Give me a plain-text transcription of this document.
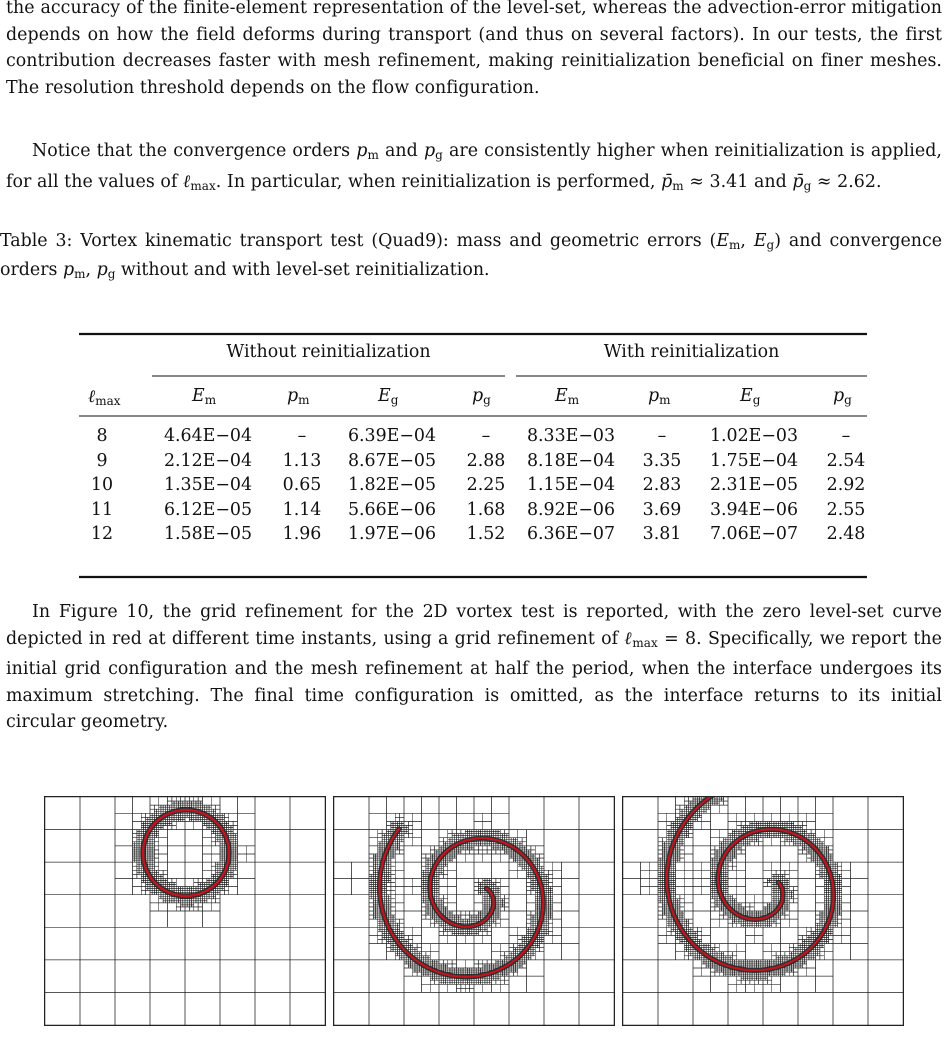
the accuracy of the finite-element representation of the level-set, whereas the advection-error mitigation depends on how the field deforms during transport (and thus on several factors). In our tests, the first contribution decreases faster with mesh refinement, making reinitialization beneficial on finer meshes. The resolution threshold depends on the flow configuration.

Notice that the convergence orders $p_m$ and $p_g$ are consistently higher when reinitialization is applied, for all the values of ℓ$_{max}$. In particular, when reinitialization is performed, $p̄_m \approx 3.41$ and $p̄_g \approx 2.62$.

Table 3: Vortex kinematic transport test (Quad9): mass and geometric errors ($E_m$, $E_g$) and convergence orders $p_m$, $p_g$ without and with level-set reinitialization.

Without reinitialization	With reinitialization
ℓ$_{max}$	$E_m$	$p_m$	$E_g$	$p_g$	$E_m$	$p_m$	$E_g$	$p_g$
8	4.64E−04	– 6.39E−04	– 8.33E−03 –	1.02E−03	–
9	2.12E−04 1.13 8.67E−05 2.88 8.18E−04 3.35 1.75E−04 2.54
10	1.35E−04 0.65 1.82E−05 2.25 1.15E−04 2.83 2.31E−05 2.92
11	6.12E−05 1.14 5.66E−06 1.68 8.92E−06 3.69 3.94E−06 2.55
12	1.58E−05 1.96 1.97E−06 1.52 6.36E−07 3.81 7.06E−07 2.48

In Figure 10, the grid refinement for the 2D vortex test is reported, with the zero level-set curve depicted in red at different time instants, using a grid refinement of ℓ$_{max}$ = 8. Specifically, we report the initial grid configuration and the mesh refinement at half the period, when the interface undergoes its maximum stretching. The final time configuration is omitted, as the interface returns to its initial circular geometry.
